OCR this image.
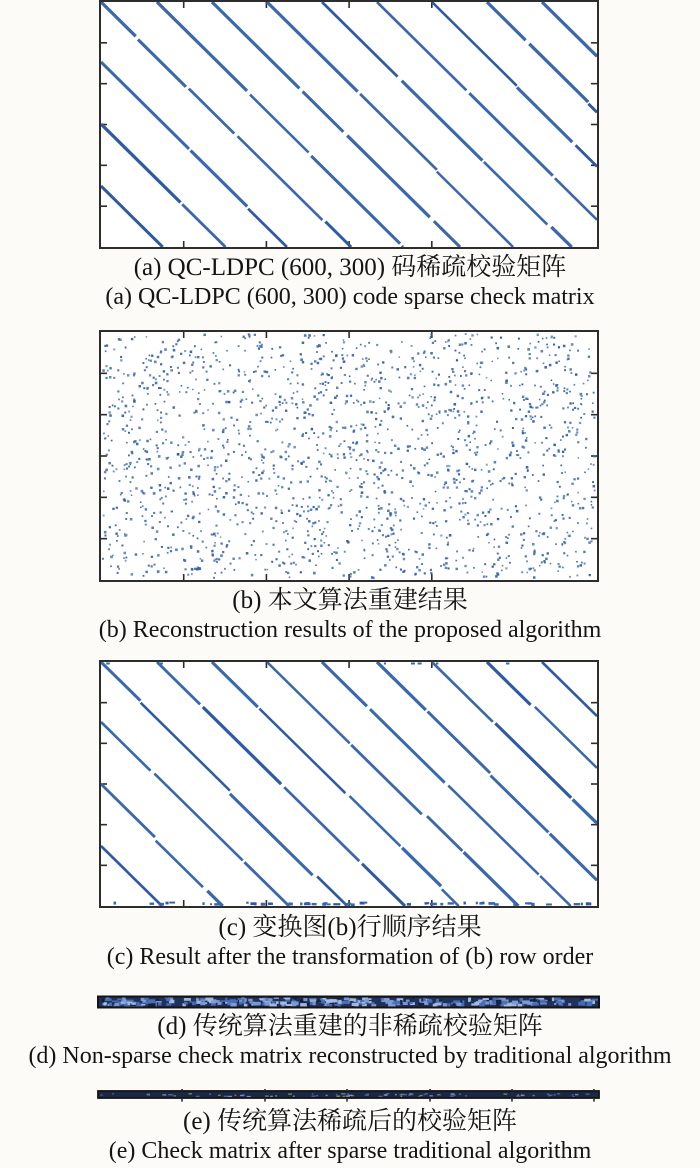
(a) QC-LDPC (600, 300) 码稀疏校验矩阵
(a) QC-LDPC (600, 300) code sparse check matrix
(b) 本文算法重建结果
(b) Reconstruction results of the proposed algorithm
(c) 变换图(b)行顺序结果
(c) Result after the transformation of (b) row order
(d) 传统算法重建的非稀疏校验矩阵
(d) Non-sparse check matrix reconstructed by traditional algorithm
(e) 传统算法稀疏后的校验矩阵
(e) Check matrix after sparse traditional algorithm
